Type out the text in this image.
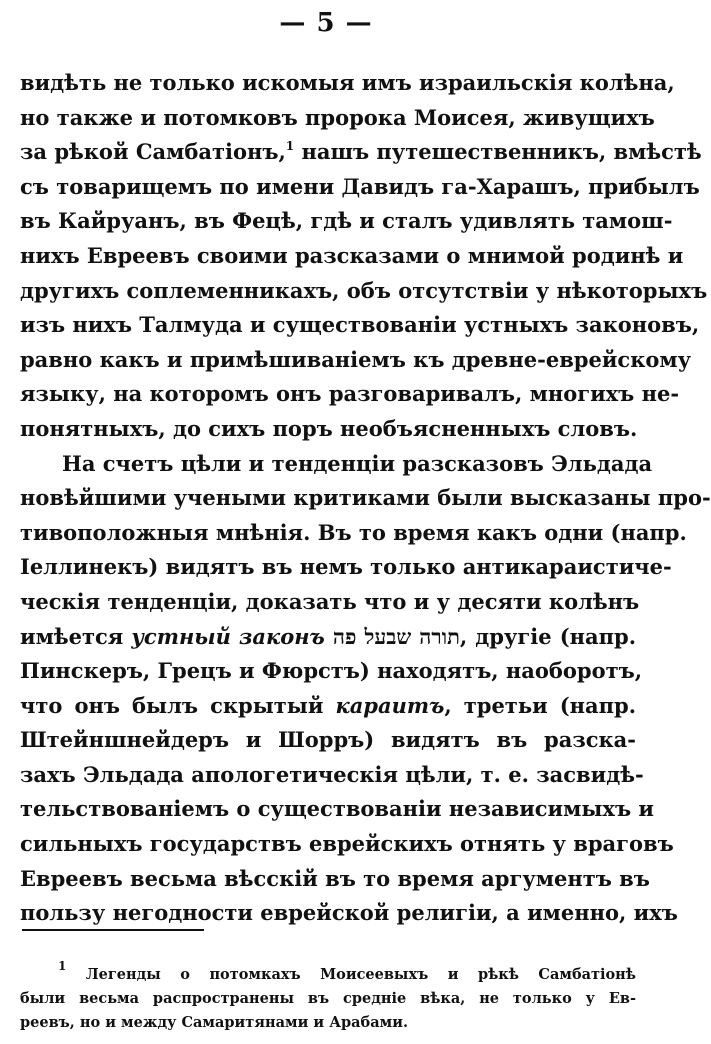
— 5 —
видѣть не только искомыя имъ израильскія колѣна,
но также и потомковъ пророка Моисея, живущихъ
за рѣкой Самбатіонъ,$^1$ нашъ путешественникъ, вмѣстѣ
съ товарищемъ по имени Давидъ га-Харашъ, прибылъ
въ Кайруанъ, въ Фецѣ, гдѣ и сталъ удивлять тамош-
нихъ Евреевъ своими разсказами о мнимой родинѣ и
другихъ соплеменникахъ, объ отсутствіи у нѣкоторыхъ
изъ нихъ Талмуда и существованіи устныхъ законовъ,
равно какъ и примѣшиваніемъ къ древне-еврейскому
языку, на которомъ онъ разговаривалъ, многихъ не-
понятныхъ, до сихъ поръ необъясненныхъ словъ.
На счетъ цѣли и тенденціи разсказовъ Эльдада
новѣйшими учеными критиками были высказаны про-
тивоположныя мнѣнія. Въ то время какъ одни (напр.
Іеллинекъ) видятъ въ немъ только антикараистиче-
ческія тенденціи, доказать что и у десяти колѣнъ
имѣется устный законъ תורה שבעל פה, другіе (напр.
Пинскеръ, Грецъ и Фюрстъ) находятъ, наоборотъ,
что онъ былъ скрытый караитъ, третьи (напр.
Штейншнейдеръ и Шорръ) видятъ въ разска-
захъ Эльдада апологетическія цѣли, т. е. засвидѣ-
тельствованіемъ о существованіи независимыхъ и
сильныхъ государствъ еврейскихъ отнять у враговъ
Евреевъ весьма вѣсскій въ то время аргументъ въ
пользу негодности еврейской религіи, а именно, ихъ
$^1$ Легенды о потомкахъ Моисеевыхъ и рѣкѣ Самбатіонѣ
были весьма распространены въ средніе вѣка, не только у Ев-
реевъ, но и между Самаритянами и Арабами.
